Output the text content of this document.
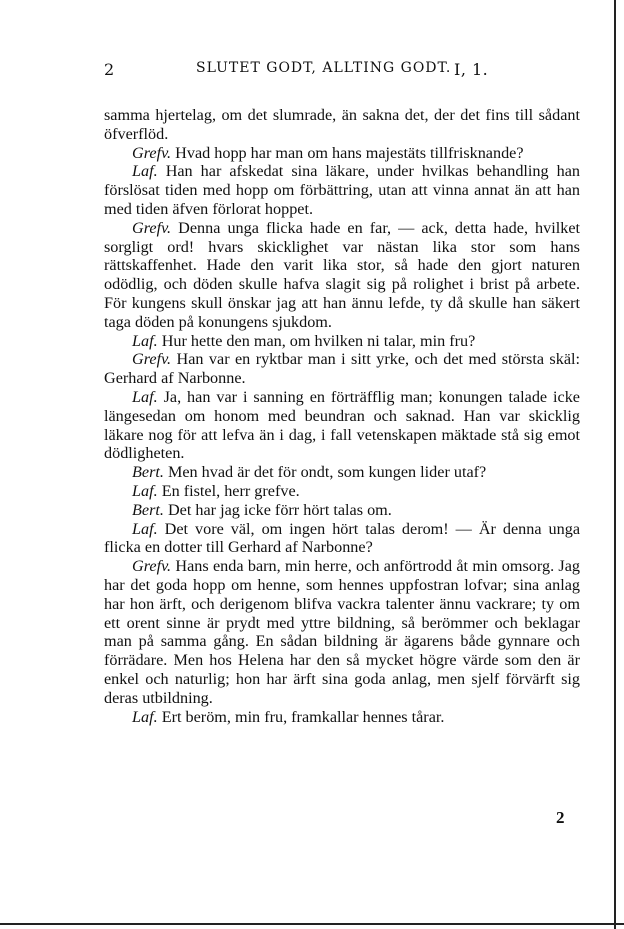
2	SLUTET GODT, ALLTING GODT. I, 1.

samma hjertelag, om det slumrade, än sakna det, der det fins till sådant öfverflöd.

Grefv. Hvad hopp har man om hans majestäts tillfrisknande?

Laf. Han har afskedat sina läkare, under hvilkas behandling han förslösat tiden med hopp om förbättring, utan att vinna annat än att han med tiden äfven förlorat hoppet.

Grefv. Denna unga flicka hade en far, — ack, detta hade, hvilket sorgligt ord! hvars skicklighet var nästan lika stor som hans rättskaffenhet. Hade den varit lika stor, så hade den gjort naturen odödlig, och döden skulle hafva slagit sig på rolighet i brist på arbete. För kungens skull önskar jag att han ännu lefde, ty då skulle han säkert taga döden på konungens sjukdom.

Laf. Hur hette den man, om hvilken ni talar, min fru?

Grefv. Han var en ryktbar man i sitt yrke, och det med största skäl: Gerhard af Narbonne.

Laf. Ja, han var i sanning en förträfflig man; konungen talade icke längesedan om honom med beundran och saknad. Han var skicklig läkare nog för att lefva än i dag, i fall vetenskapen mäktade stå sig emot dödligheten.

Bert. Men hvad är det för ondt, som kungen lider utaf?

Laf. En fistel, herr grefve.

Bert. Det har jag icke förr hört talas om.

Laf. Det vore väl, om ingen hört talas derom! — Är denna unga flicka en dotter till Gerhard af Narbonne?

Grefv. Hans enda barn, min herre, och anförtrodd åt min omsorg. Jag har det goda hopp om henne, som hennes uppfostran lofvar; sina anlag har hon ärft, och derigenom blifva vackra talenter ännu vackrare; ty om ett orent sinne är prydt med yttre bildning, så berömmer och beklagar man på samma gång. En sådan bildning är ägarens både gynnare och förrädare. Men hos Helena har den så mycket högre värde som den är enkel och naturlig; hon har ärft sina goda anlag, men sjelf förvärft sig deras utbildning.

Laf. Ert beröm, min fru, framkallar hennes tårar.

2
